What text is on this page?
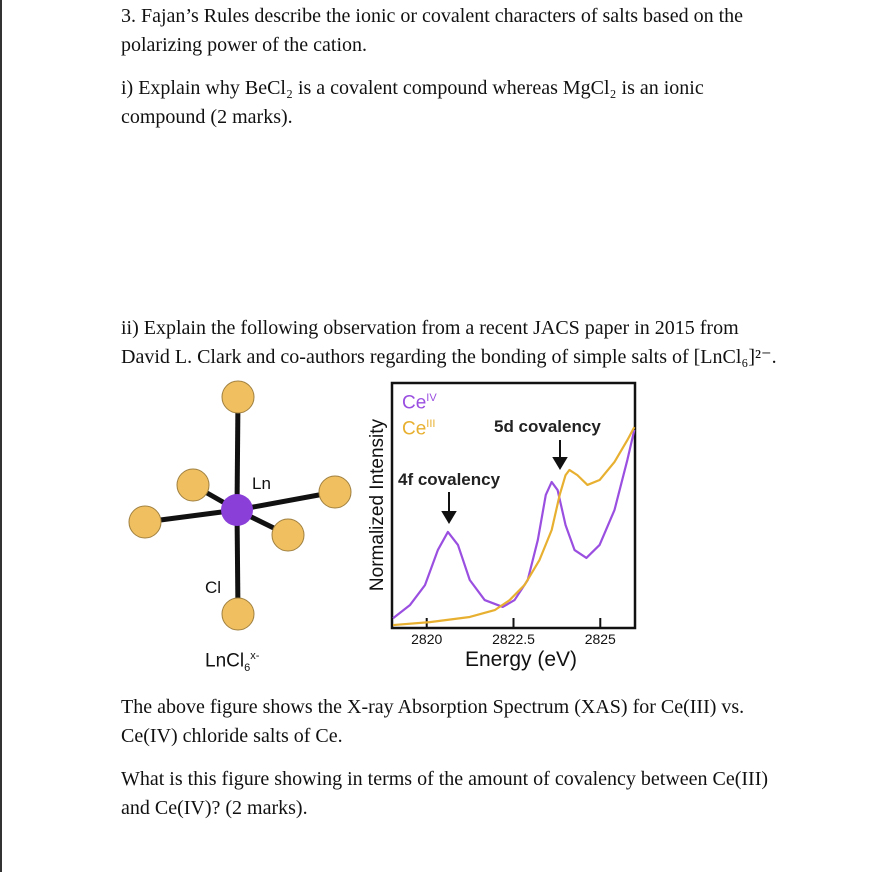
3. Fajan’s Rules describe the ionic or covalent characters of salts based on the
polarizing power of the cation.
i) Explain why BeCl₂ is a covalent compound whereas MgCl₂ is an ionic
compound (2 marks).
ii) Explain the following observation from a recent JACS paper in 2015 from
David L. Clark and co-authors regarding the bonding of simple salts of [LnCl₆]²⁻.
The above figure shows the X-ray Absorption Spectrum (XAS) for Ce(III) vs.
Ce(IV) chloride salts of Ce.
What is this figure showing in terms of the amount of covalency between Ce(III)
and Ce(IV)? (2 marks).
Ln
Cl
LnCl$_6^{x-}$
$Ce^{IV}$
$Ce^{III}$	5d covalency
4f covalency
Normalized Intensity
Energy (eV)
2820	2822.5	2825
